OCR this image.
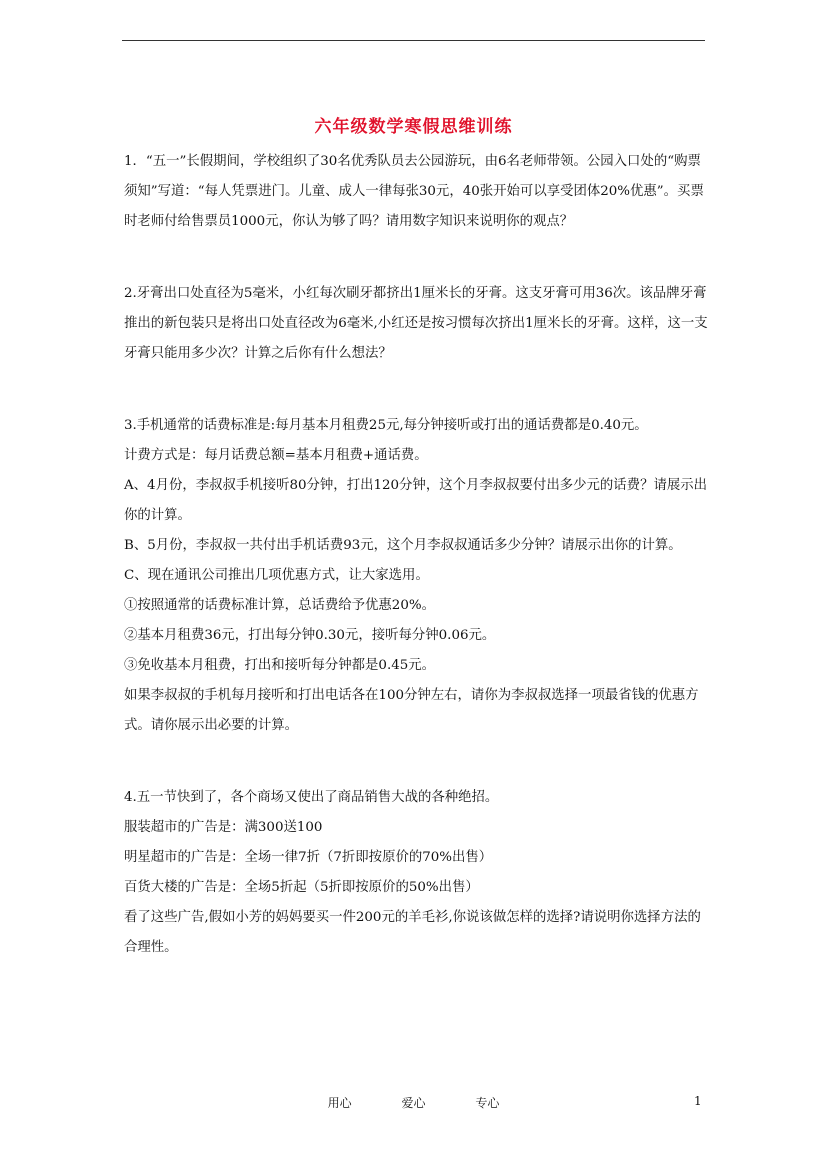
六年级数学寒假思维训练

1．“五一”长假期间，学校组织了30名优秀队员去公园游玩，由6名老师带领。公园入口处的“购票须知”写道：“每人凭票进门。儿童、成人一律每张30元，40张开始可以享受团体20%优惠”。买票时老师付给售票员1000元，你认为够了吗？请用数字知识来说明你的观点？

2.牙膏出口处直径为5毫米，小红每次刷牙都挤出1厘米长的牙膏。这支牙膏可用36次。该品牌牙膏推出的新包装只是将出口处直径改为6毫米,小红还是按习惯每次挤出1厘米长的牙膏。这样，这一支牙膏只能用多少次？计算之后你有什么想法？

3.手机通常的话费标准是:每月基本月租费25元,每分钟接听或打出的通话费都是0.40元。

计费方式是：每月话费总额=基本月租费+通话费。

A、4月份，李叔叔手机接听80分钟，打出120分钟，这个月李叔叔要付出多少元的话费？请展示出你的计算。

B、5月份，李叔叔一共付出手机话费93元，这个月李叔叔通话多少分钟？请展示出你的计算。

C、现在通讯公司推出几项优惠方式，让大家选用。

①按照通常的话费标准计算，总话费给予优惠20%。

②基本月租费36元，打出每分钟0.30元，接听每分钟0.06元。

③免收基本月租费，打出和接听每分钟都是0.45元。

如果李叔叔的手机每月接听和打出电话各在100分钟左右，请你为李叔叔选择一项最省钱的优惠方式。请你展示出必要的计算。

4.五一节快到了，各个商场又使出了商品销售大战的各种绝招。

服装超市的广告是：满300送100

明星超市的广告是：全场一律7折（7折即按原价的70%出售）

百货大楼的广告是：全场5折起（5折即按原价的50%出售）

看了这些广告,假如小芳的妈妈要买一件200元的羊毛衫,你说该做怎样的选择?请说明你选择方法的合理性。

用心	爱心	专心	1
